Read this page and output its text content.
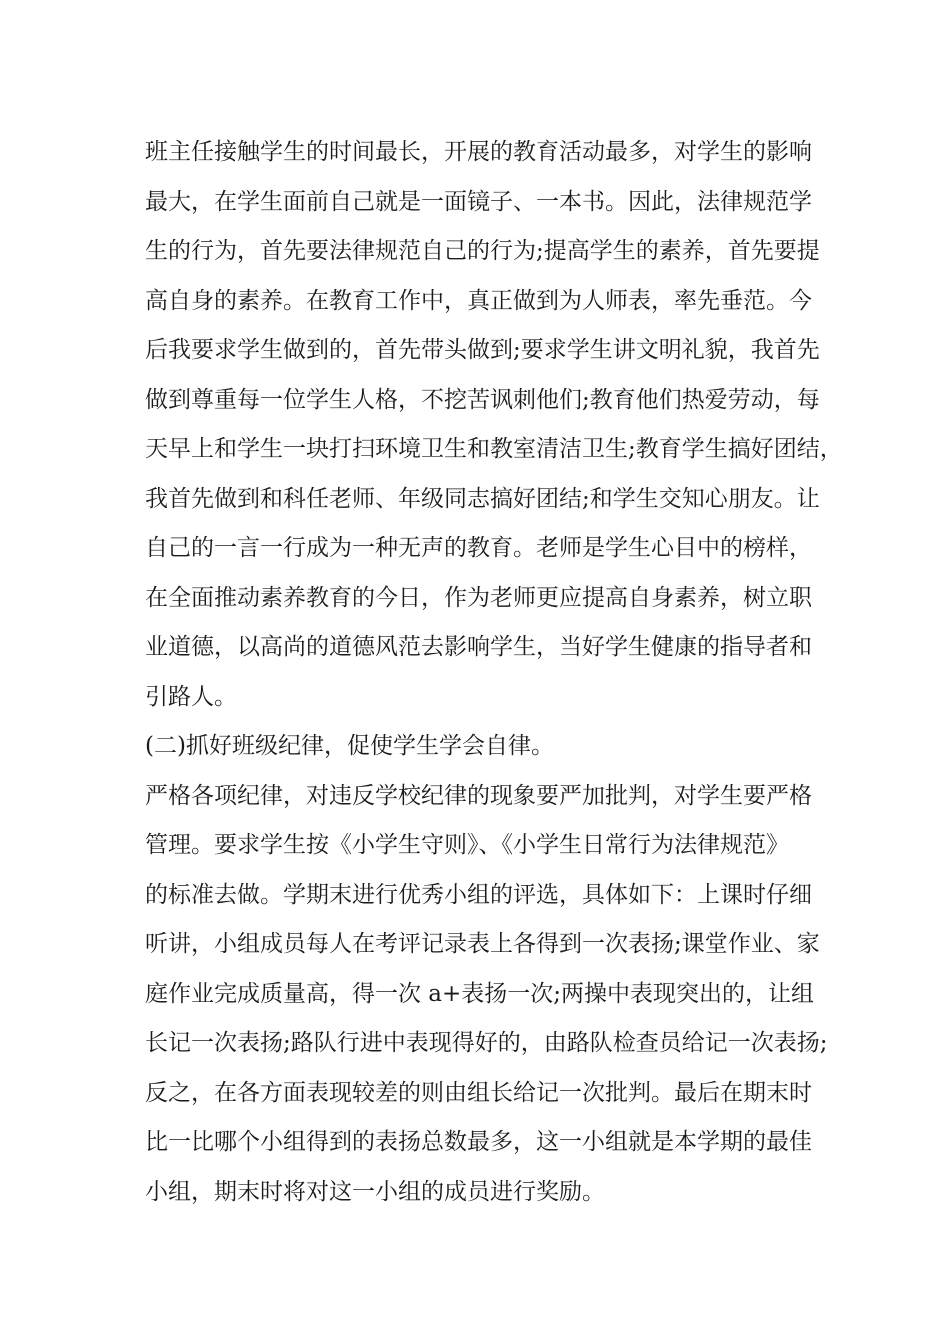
班主任接触学生的时间最长，开展的教育活动最多，对学生的影响
最大，在学生面前自己就是一面镜子、一本书。因此，法律规范学
生的行为，首先要法律规范自己的行为;提高学生的素养，首先要提
高自身的素养。在教育工作中，真正做到为人师表，率先垂范。今
后我要求学生做到的，首先带头做到;要求学生讲文明礼貌，我首先
做到尊重每一位学生人格，不挖苦讽刺他们;教育他们热爱劳动，每
天早上和学生一块打扫环境卫生和教室清洁卫生;教育学生搞好团结，
我首先做到和科任老师、年级同志搞好团结;和学生交知心朋友。让
自己的一言一行成为一种无声的教育。老师是学生心目中的榜样，
在全面推动素养教育的今日，作为老师更应提高自身素养，树立职
业道德，以高尚的道德风范去影响学生，当好学生健康的指导者和
引路人。
(二)抓好班级纪律，促使学生学会自律。
严格各项纪律，对违反学校纪律的现象要严加批判，对学生要严格
管理。要求学生按《小学生守则》、《小学生日常行为法律规范》
的标准去做。学期末进行优秀小组的评选，具体如下：上课时仔细
听讲，小组成员每人在考评记录表上各得到一次表扬;课堂作业、家
庭作业完成质量高，得一次 a+表扬一次;两操中表现突出的，让组
长记一次表扬;路队行进中表现得好的，由路队检查员给记一次表扬;
反之，在各方面表现较差的则由组长给记一次批判。最后在期末时
比一比哪个小组得到的表扬总数最多，这一小组就是本学期的最佳
小组，期末时将对这一小组的成员进行奖励。
